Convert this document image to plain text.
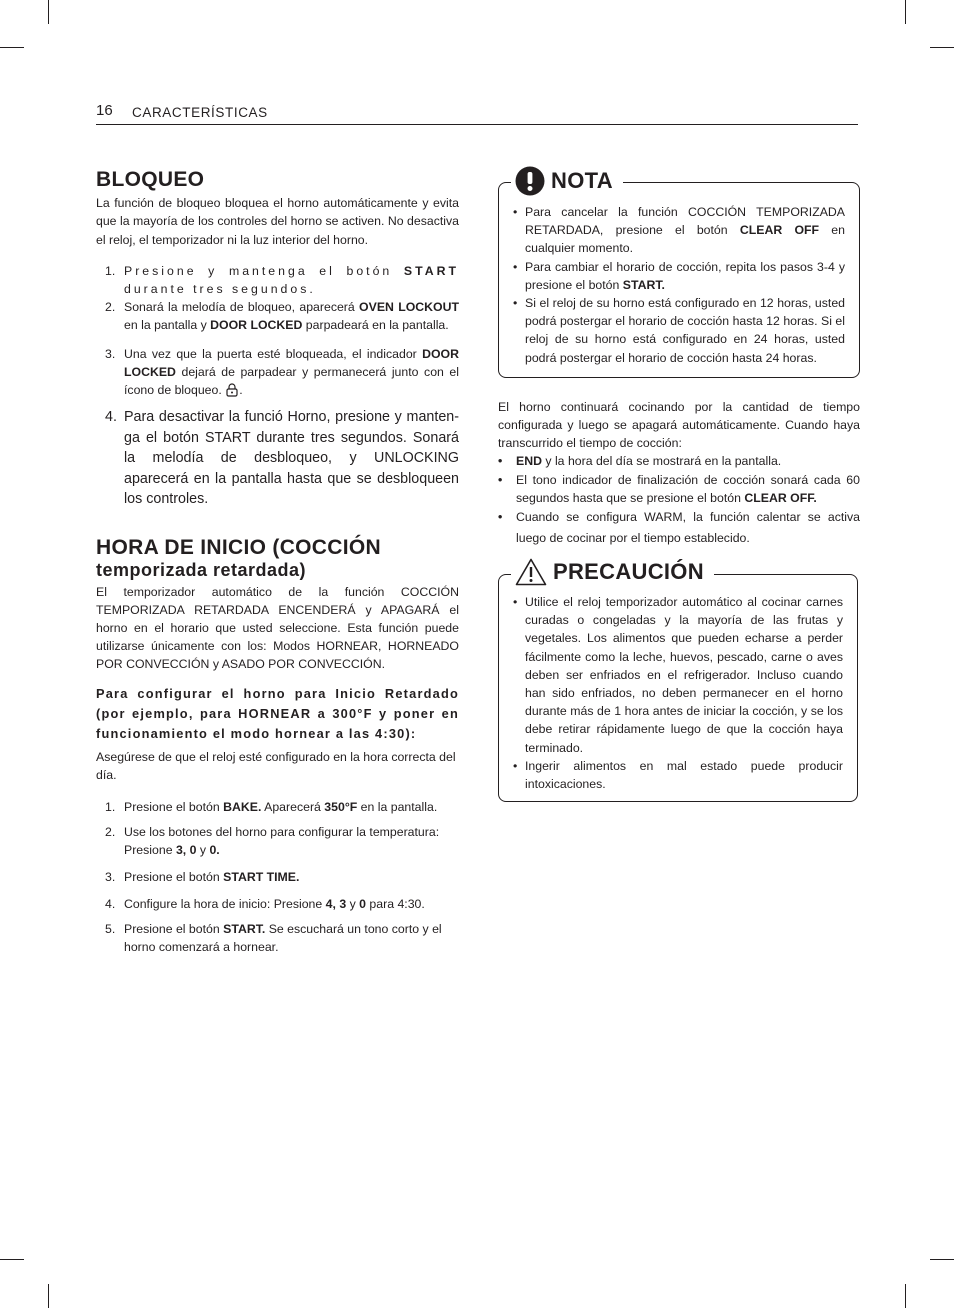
16 CARACTERÍSTICAS
BLOQUEO

La función de bloqueo bloquea el horno automáticamente y evita que la mayoría de los controles del horno se activen. No desactiva el reloj, el temporizador ni la luz interior del horno.

1. Presione y mantenga el botón START durante tres segundos.
2. Sonará la melodía de bloqueo, aparecerá OVEN LOCKOUT en la pantalla y DOOR LOCKED parpadeará en la pantalla.
3. Una vez que la puerta esté bloqueada, el indicador DOOR LOCKED dejará de parpadear y permanecerá junto con el ícono de bloqueo. .
4. Para desactivar la funció Horno, presione y manten-ga el botón START durante tres segundos. Sonará la melodía de desbloqueo, y UNLOCKING aparecerá en la pantalla hasta que se desbloqueen los controles.
HORA DE INICIO (COCCIÓN
temporizada retardada)

El temporizador automático de la función COCCIÓN TEMPORIZADA RETARDADA ENCENDERÁ y APAGARÁ el horno en el horario que usted seleccione. Esta función puede utilizarse únicamente con los: Modos HORNEAR, HORNEADO POR CONVECCIÓN y ASADO POR CONVECCIÓN.

Para configurar el horno para Inicio Retardado (por ejemplo, para HORNEAR a 300°F y poner en funcionamiento el modo hornear a las 4:30):

Asegúrese de que el reloj esté configurado en la hora correcta del día.

1. Presione el botón BAKE. Aparecerá 350°F en la pantalla.
2. Use los botones del horno para configurar la temperatura: Presione 3, 0 y 0.
3. Presione el botón START TIME.
4. Configure la hora de inicio: Presione 4, 3 y 0 para 4:30.
5. Presione el botón START. Se escuchará un tono corto y el horno comenzará a hornear.
NOTA
• Para cancelar la función COCCIÓN TEMPORIZADA RETARDADA, presione el botón CLEAR OFF en cualquier momento.
• Para cambiar el horario de cocción, repita los pasos 3-4 y presione el botón START.
• Si el reloj de su horno está configurado en 12 horas, usted podrá postergar el horario de cocción hasta 12 horas. Si el reloj de su horno está configurado en 24 horas, usted podrá postergar el horario de cocción hasta 24 horas.

El horno continuará cocinando por la cantidad de tiempo configurada y luego se apagará automáticamente. Cuando haya transcurrido el tiempo de cocción:

• END y la hora del día se mostrará en la pantalla.
• El tono indicador de finalización de cocción sonará cada 60 segundos hasta que se presione el botón CLEAR OFF.
• Cuando se configura WARM, la función calentar se activa luego de cocinar por el tiempo establecido.
PRECAUCIÓN
• Utilice el reloj temporizador automático al cocinar carnes curadas o congeladas y la mayoría de las frutas y vegetales. Los alimentos que pueden echarse a perder fácilmente como la leche, huevos, pescado, carne o aves deben ser enfriados en el refrigerador. Incluso cuando han sido enfriados, no deben permanecer en el horno durante más de 1 hora antes de iniciar la cocción, y se los debe retirar rápidamente luego de que la cocción haya terminado.
• Ingerir alimentos en mal estado puede producir intoxicaciones.
